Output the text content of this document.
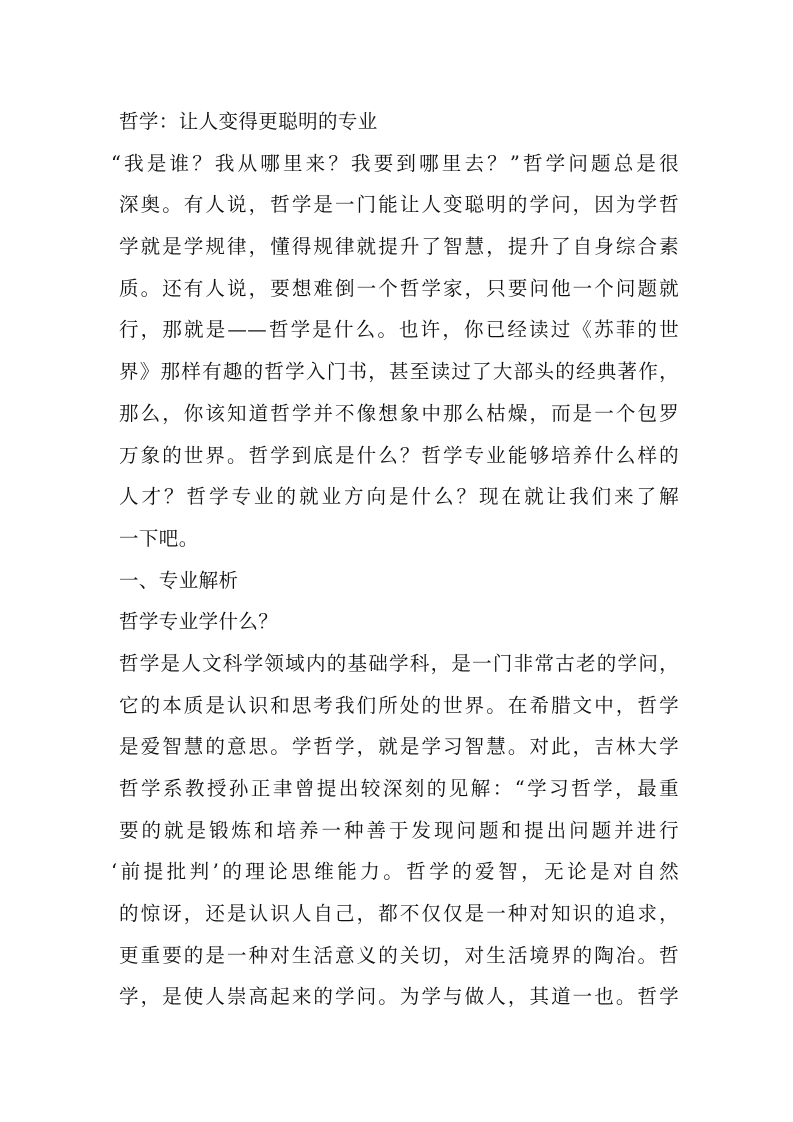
哲学：让人变得更聪明的专业
“我是谁？我从哪里来？我要到哪里去？”哲学问题总是很
深奥。有人说，哲学是一门能让人变聪明的学问，因为学哲
学就是学规律，懂得规律就提升了智慧，提升了自身综合素
质。还有人说，要想难倒一个哲学家，只要问他一个问题就
行，那就是——哲学是什么。也许，你已经读过《苏菲的世
界》那样有趣的哲学入门书，甚至读过了大部头的经典著作，
那么，你该知道哲学并不像想象中那么枯燥，而是一个包罗
万象的世界。哲学到底是什么？哲学专业能够培养什么样的
人才？哲学专业的就业方向是什么？现在就让我们来了解
一下吧。
一、专业解析
哲学专业学什么？
哲学是人文科学领域内的基础学科，是一门非常古老的学问，
它的本质是认识和思考我们所处的世界。在希腊文中，哲学
是爱智慧的意思。学哲学，就是学习智慧。对此，吉林大学
哲学系教授孙正聿曾提出较深刻的见解：“学习哲学，最重
要的就是锻炼和培养一种善于发现问题和提出问题并进行
‘前提批判’的理论思维能力。哲学的爱智，无论是对自然
的惊讶，还是认识人自己，都不仅仅是一种对知识的追求，
更重要的是一种对生活意义的关切，对生活境界的陶冶。哲
学，是使人崇高起来的学问。为学与做人，其道一也。哲学
